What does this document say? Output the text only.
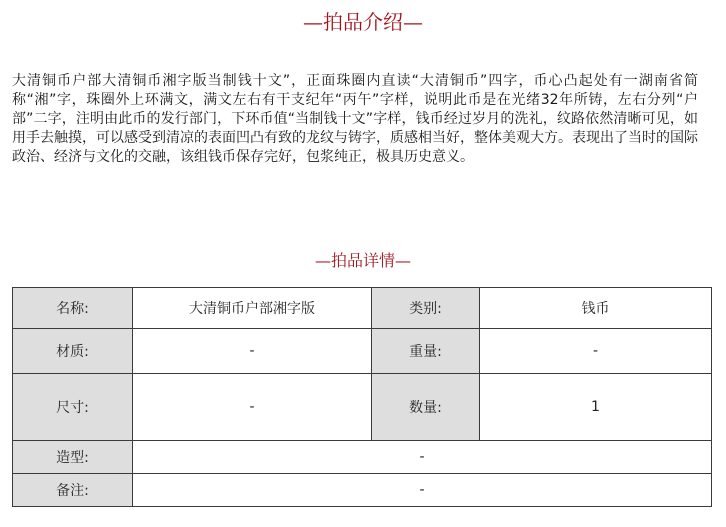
—拍品介绍—

大清铜币户部大清铜币湘字版当制钱十文”，正面珠圈内直读“大清铜币”四字，币心凸起处有一湖南省简称“湘”字，珠圈外上环满文，满文左右有干支纪年“丙午”字样，说明此币是在光绪32年所铸，左右分列“户部”二字，注明由此币的发行部门，下环币值“当制钱十文”字样，钱币经过岁月的洗礼，纹路依然清晰可见，如用手去触摸，可以感受到清凉的表面凹凸有致的龙纹与铸字，质感相当好，整体美观大方。表现出了当时的国际政治、经济与文化的交融，该组钱币保存完好，包浆纯正，极具历史意义。

—拍品详情—
名称:	大清铜币户部湘字版	类别:	钱币
材质:	-	重量:	-
尺寸:	-	数量:	1
造型:	-		
备注:	-		
